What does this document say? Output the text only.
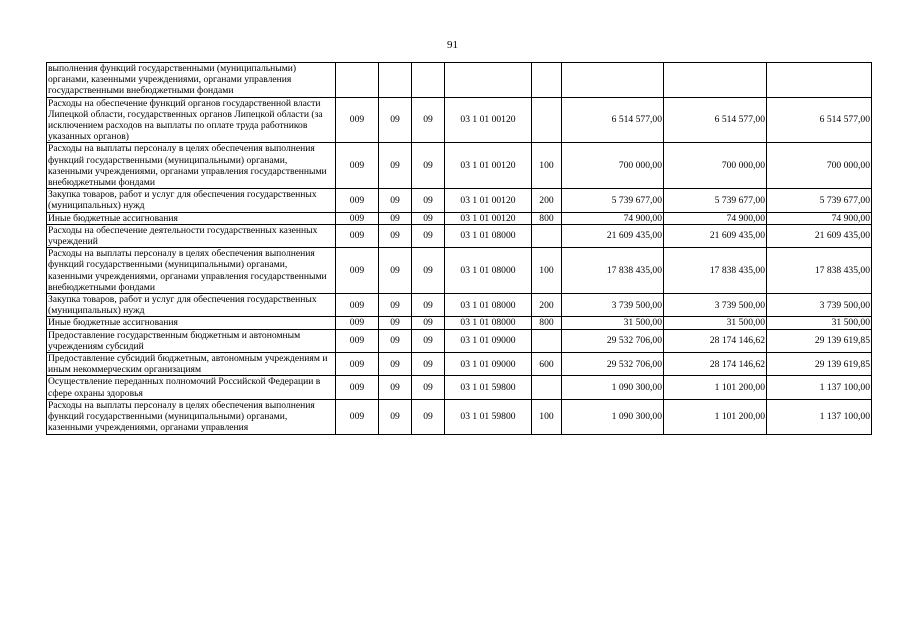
91
выполнения функций государственными (муниципальными) органами, казенными учреждениями, органами управления государственными внебюджетными фондами								
Расходы на обеспечение функций органов государственной власти Липецкой области, государственных органов Липецкой области (за исключением расходов на выплаты по оплате труда работников указанных органов)	009	09	09	03 1 01 00120		6 514 577,00	6 514 577,00	6 514 577,00
Расходы на выплаты персоналу в целях обеспечения выполнения функций государственными (муниципальными) органами, казенными учреждениями, органами управления государственными внебюджетными фондами	009	09	09	03 1 01 00120	100	700 000,00	700 000,00	700 000,00
Закупка товаров, работ и услуг для обеспечения государственных (муниципальных) нужд	009	09	09	03 1 01 00120	200	5 739 677,00	5 739 677,00	5 739 677,00
Иные бюджетные ассигнования	009	09	09	03 1 01 00120	800	74 900,00	74 900,00	74 900,00
Расходы на обеспечение деятельности государственных казенных учреждений	009	09	09	03 1 01 08000		21 609 435,00	21 609 435,00	21 609 435,00
Расходы на выплаты персоналу в целях обеспечения выполнения функций государственными (муниципальными) органами, казенными учреждениями, органами управления государственными внебюджетными фондами	009	09	09	03 1 01 08000	100	17 838 435,00	17 838 435,00	17 838 435,00
Закупка товаров, работ и услуг для обеспечения государственных (муниципальных) нужд	009	09	09	03 1 01 08000	200	3 739 500,00	3 739 500,00	3 739 500,00
Иные бюджетные ассигнования	009	09	09	03 1 01 08000	800	31 500,00	31 500,00	31 500,00
Предоставление государственным бюджетным и автономным учреждениям субсидий	009	09	09	03 1 01 09000		29 532 706,00	28 174 146,62	29 139 619,85
Предоставление субсидий бюджетным, автономным учреждениям и иным некоммерческим организациям	009	09	09	03 1 01 09000	600	29 532 706,00	28 174 146,62	29 139 619,85
Осуществление переданных полномочий Российской Федерации в сфере охраны здоровья	009	09	09	03 1 01 59800		1 090 300,00	1 101 200,00	1 137 100,00
Расходы на выплаты персоналу в целях обеспечения выполнения функций государственными (муниципальными) органами, казенными учреждениями, органами управления	009	09	09	03 1 01 59800	100	1 090 300,00	1 101 200,00	1 137 100,00
